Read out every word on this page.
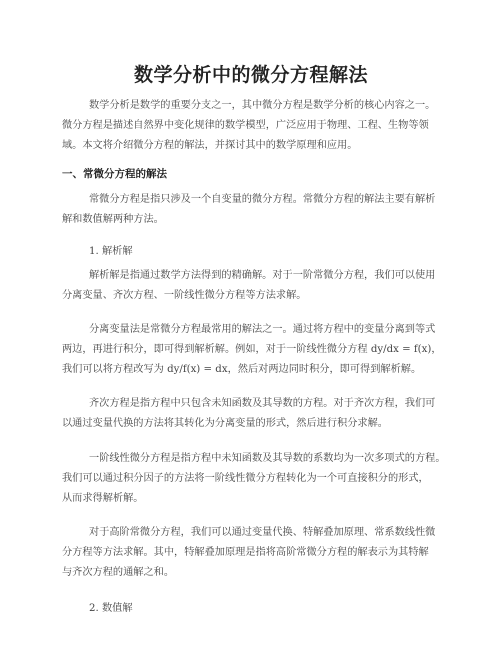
数学分析中的微分方程解法
数学分析是数学的重要分支之一，其中微分方程是数学分析的核心内容之一。
微分方程是描述自然界中变化规律的数学模型，广泛应用于物理、工程、生物等领
域。本文将介绍微分方程的解法，并探讨其中的数学原理和应用。
一、常微分方程的解法
常微分方程是指只涉及一个自变量的微分方程。常微分方程的解法主要有解析
解和数值解两种方法。
1. 解析解
解析解是指通过数学方法得到的精确解。对于一阶常微分方程，我们可以使用
分离变量、齐次方程、一阶线性微分方程等方法求解。
分离变量法是常微分方程最常用的解法之一。通过将方程中的变量分离到等式
两边，再进行积分，即可得到解析解。例如，对于一阶线性微分方程 dy/dx = f(x)，
我们可以将方程改写为 dy/f(x) = dx，然后对两边同时积分，即可得到解析解。
齐次方程是指方程中只包含未知函数及其导数的方程。对于齐次方程，我们可
以通过变量代换的方法将其转化为分离变量的形式，然后进行积分求解。
一阶线性微分方程是指方程中未知函数及其导数的系数均为一次多项式的方程。
我们可以通过积分因子的方法将一阶线性微分方程转化为一个可直接积分的形式，
从而求得解析解。
对于高阶常微分方程，我们可以通过变量代换、特解叠加原理、常系数线性微
分方程等方法求解。其中，特解叠加原理是指将高阶常微分方程的解表示为其特解
与齐次方程的通解之和。
2. 数值解
